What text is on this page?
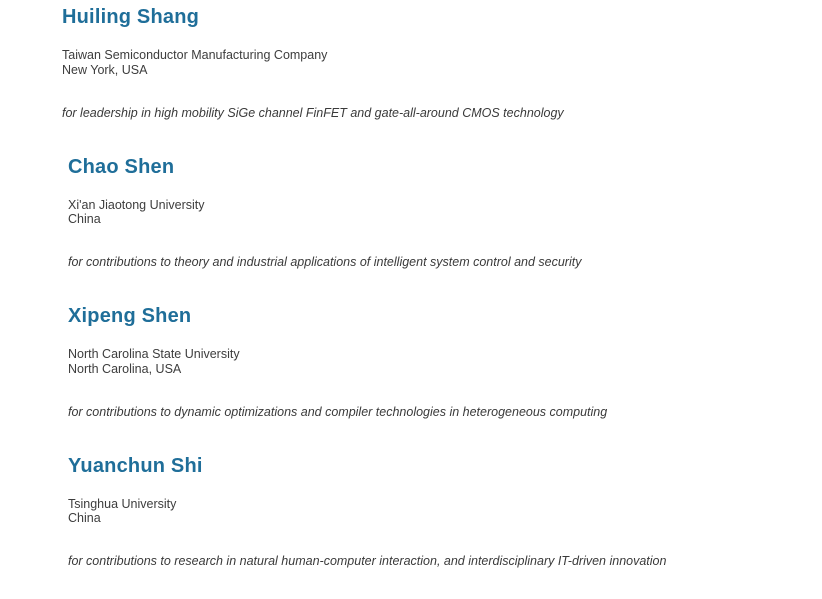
Huiling Shang

Taiwan Semiconductor Manufacturing Company
New York, USA

for leadership in high mobility SiGe channel FinFET and gate-all-around CMOS technology

Chao Shen

Xi'an Jiaotong University
China

for contributions to theory and industrial applications of intelligent system control and security

Xipeng Shen

North Carolina State University
North Carolina, USA

for contributions to dynamic optimizations and compiler technologies in heterogeneous computing

Yuanchun Shi

Tsinghua University
China

for contributions to research in natural human-computer interaction, and interdisciplinary IT-driven innovation
